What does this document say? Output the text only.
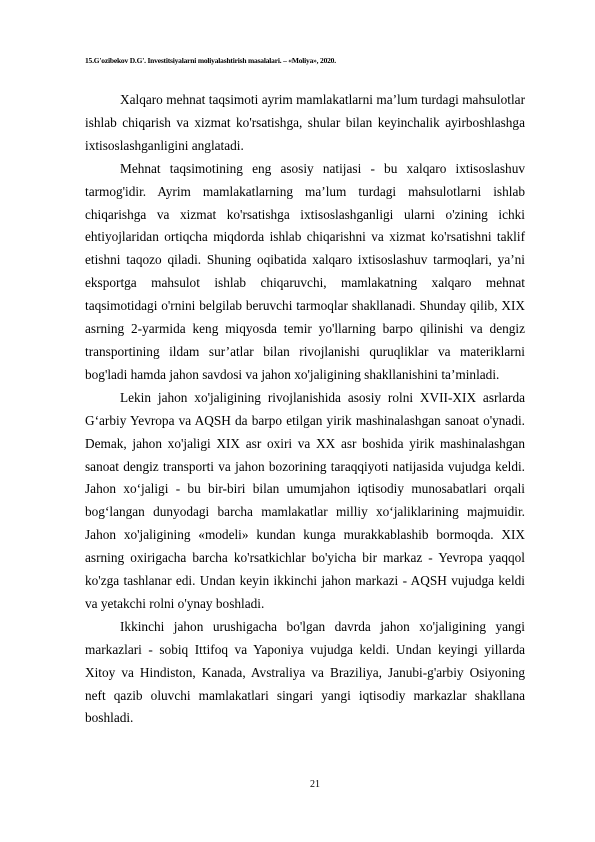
15.G'ozibekov D.G'. Investitsiyalarni moliyalashtirish masalalari. – «Moliya», 2020.

Xalqaro mehnat taqsimoti ayrim mamlakatlarni ma’lum turdagi mahsulotlar ishlab chiqarish va xizmat ko'rsatishga, shular bilan keyinchalik ayirboshlashga ixtisoslashganligini anglatadi.

Mehnat taqsimotining eng asosiy natijasi - bu xalqaro ixtisoslashuv tarmog'idir. Ayrim mamlakatlarning ma’lum turdagi mahsulotlarni ishlab chiqarishga va xizmat ko'rsatishga ixtisoslashganligi ularni o'zining ichki ehtiyojlaridan ortiqcha miqdorda ishlab chiqarishni va xizmat ko'rsatishni taklif etishni taqozo qiladi. Shuning oqibatida xalqaro ixtisoslashuv tarmoqlari, ya’ni eksportga mahsulot ishlab chiqaruvchi, mamlakatning xalqaro mehnat taqsimotidagi o'rnini belgilab beruvchi tarmoqlar shakllanadi. Shunday qilib, XIX asrning 2-yarmida keng miqyosda temir yo'llarning barpo qilinishi va dengiz transportining ildam sur’atlar bilan rivojlanishi quruqliklar va materiklarni bog'ladi hamda jahon savdosi va jahon xo'jaligining shakllanishini ta’minladi.

Lekin jahon xo'jaligining rivojlanishida asosiy rolni XVII-XIX asrlarda G‘arbiy Yevropa va AQSH da barpo etilgan yirik mashinalashgan sanoat o'ynadi. Demak, jahon xo'jaligi XIX asr oxiri va XX asr boshida yirik mashinalashgan sanoat dengiz transporti va jahon bozorining taraqqiyoti natijasida vujudga keldi. Jahon xo‘jaligi - bu bir-biri bilan umumjahon iqtisodiy munosabatlari orqali bog‘langan dunyodagi barcha mamlakatlar milliy xo‘jaliklarining majmuidir. Jahon xo'jaligining «modeli» kundan kunga murakkablashib bormoqda. XIX asrning oxirigacha barcha ko'rsatkichlar bo'yicha bir markaz - Yevropa yaqqol ko'zga tashlanar edi. Undan keyin ikkinchi jahon markazi - AQSH vujudga keldi va yetakchi rolni o'ynay boshladi.

Ikkinchi jahon urushigacha bo'lgan davrda jahon xo'jaligining yangi markazlari - sobiq Ittifoq va Yaponiya vujudga keldi. Undan keyingi yillarda Xitoy va Hindiston, Kanada, Avstraliya va Braziliya, Janubi-g'arbiy Osiyoning neft qazib oluvchi mamlakatlari singari yangi iqtisodiy markazlar shakllana boshladi.

21
